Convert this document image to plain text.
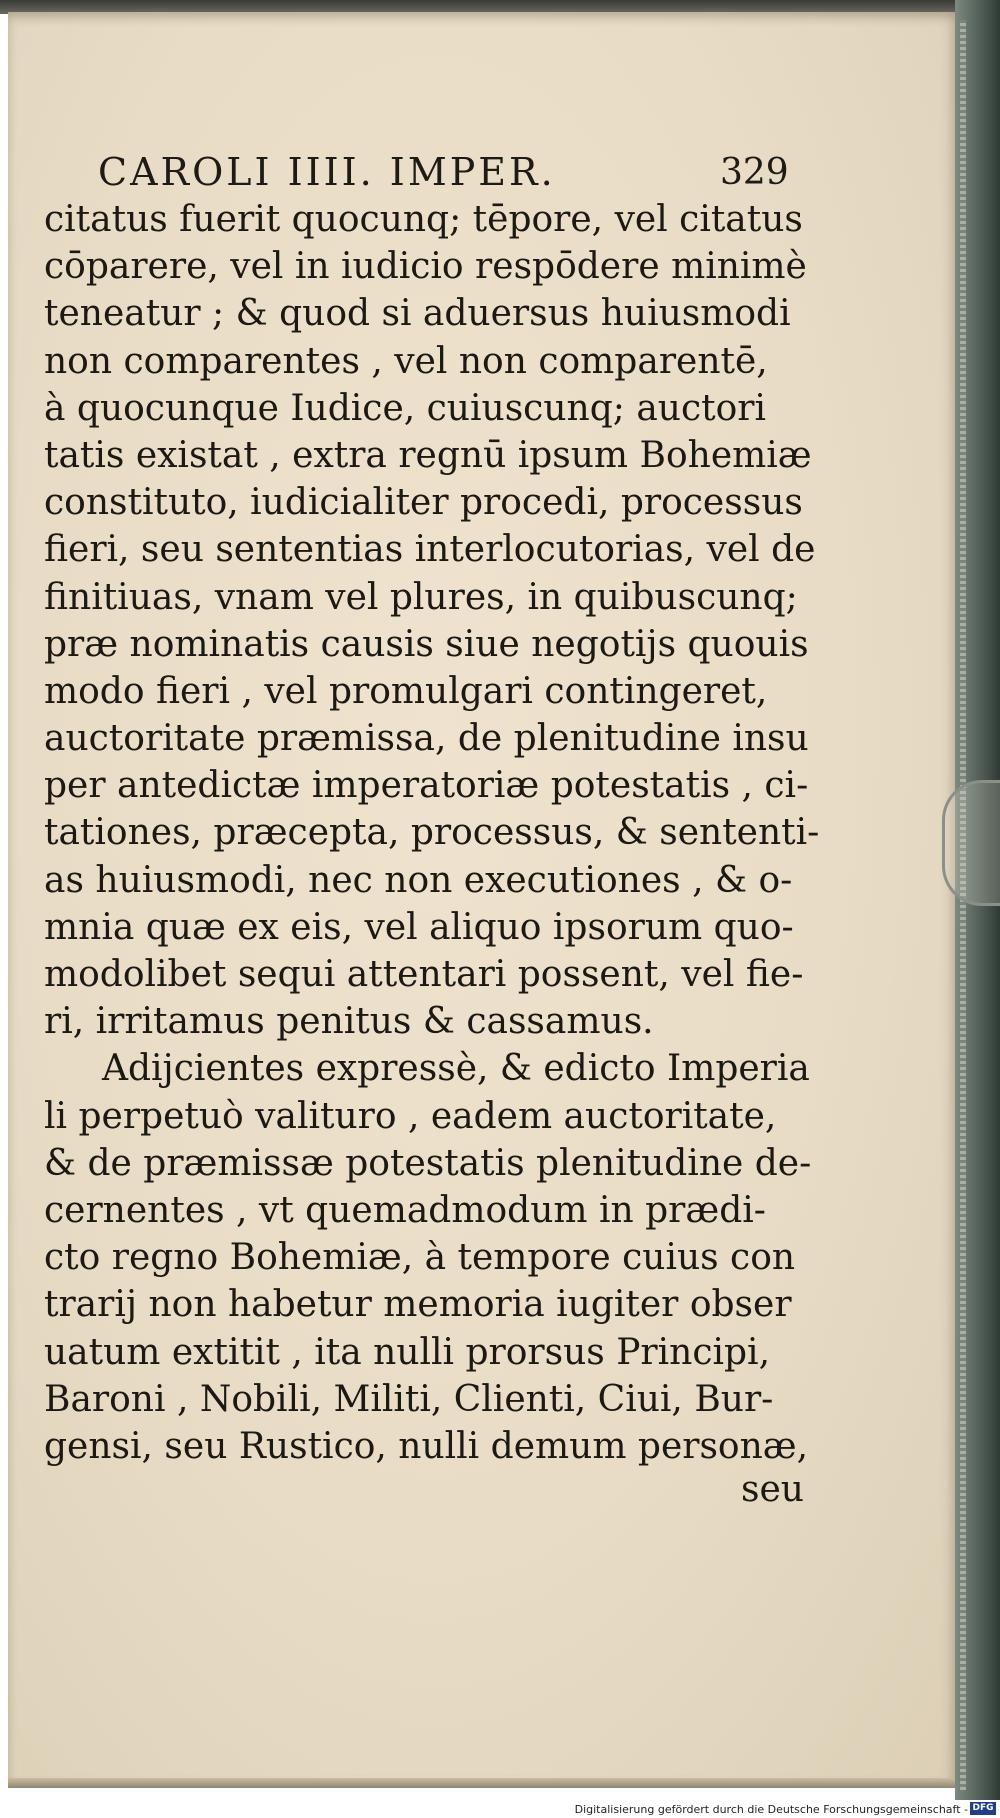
CAROLI IIII. IMPER.	329
citatus fuerit quocunq; tēpore, vel citatus
cōparere, vel in iudicio respōdere minimè
teneatur ; & quod si aduersus huiusmodi
non comparentes , vel non comparentē,
à quocunque Iudice, cuiuscunq; auctori
tatis existat , extra regnū ipsum Bohemiæ
constituto, iudicialiter procedi, processus
fieri, seu sententias interlocutorias, vel de
finitiuas, vnam vel plures, in quibuscunq;
præ nominatis causis siue negotijs quouis
modo fieri , vel promulgari contingeret,
auctoritate præmissa, de plenitudine insu
per antedictæ imperatoriæ potestatis , ci-
tationes, præcepta, processus, & sententi-
as huiusmodi, nec non executiones , & o-
mnia quæ ex eis, vel aliquo ipsorum quo-
modolibet sequi attentari possent, vel fie-
ri, irritamus penitus & cassamus.
Adijcientes expressè, & edicto Imperia
li perpetuò valituro , eadem auctoritate,
& de præmissæ potestatis plenitudine de-
cernentes , vt quemadmodum in prædi-
cto regno Bohemiæ, à tempore cuius con
trarij non habetur memoria iugiter obser
uatum extitit , ita nulli prorsus Principi,
Baroni , Nobili, Militi, Clienti, Ciui, Bur-
gensi, seu Rustico, nulli demum personæ,
seu
Digitalisierung gefördert durch die Deutsche Forschungsgemeinschaft - DFG
